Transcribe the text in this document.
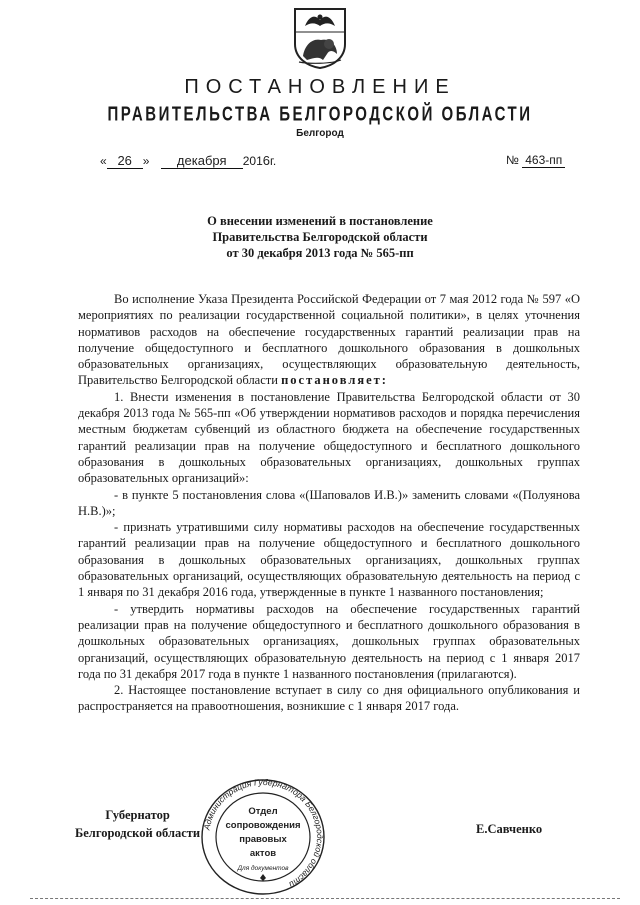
ПОСТАНОВЛЕНИЕ
ПРАВИТЕЛЬСТВА БЕЛГОРОДСКОЙ ОБЛАСТИ
Белгород
« 26 » декабря 2016г.	№ 463-пп
О внесении изменений в постановление
Правительства Белгородской области
от 30 декабря 2013 года № 565-пп

Во исполнение Указа Президента Российской Федерации от 7 мая 2012 года № 597 «О мероприятиях по реализации государственной социальной политики», в целях уточнения нормативов расходов на обеспечение государственных гарантий реализации прав на получение общедоступного и бесплатного дошкольного образования в дошкольных образовательных организациях, осуществляющих образовательную деятельность, Правительство Белгородской области постановляет:

1. Внести изменения в постановление Правительства Белгородской области от 30 декабря 2013 года № 565-пп «Об утверждении нормативов расходов и порядка перечисления местным бюджетам субвенций из областного бюджета на обеспечение государственных гарантий реализации прав на получение общедоступного и бесплатного дошкольного образования в дошкольных образовательных организациях, дошкольных группах образовательных организаций»:

- в пункте 5 постановления слова «(Шаповалов И.В.)» заменить словами «(Полуянова Н.В.)»;

- признать утратившими силу нормативы расходов на обеспечение государственных гарантий реализации прав на получение общедоступного и бесплатного дошкольного образования в дошкольных образовательных организациях, дошкольных группах образовательных организаций, осуществляющих образовательную деятельность на период с 1 января по 31 декабря 2016 года, утвержденные в пункте 1 названного постановления;

- утвердить нормативы расходов на обеспечение государственных гарантий реализации прав на получение общедоступного и бесплатного дошкольного образования в дошкольных образовательных организациях, дошкольных группах образовательных организаций, осуществляющих образовательную деятельность на период с 1 января 2017 года по 31 декабря 2017 года в пункте 1 названного постановления (прилагаются).

2. Настоящее постановление вступает в силу со дня официального опубликования и распространяется на правоотношения, возникшие с 1 января 2017 года.

Губернатор
Белгородской области	Е.Савченко
Администрация Губернатора Белгородской области
Отдел
сопровождения
правовых
актов
Для документов
